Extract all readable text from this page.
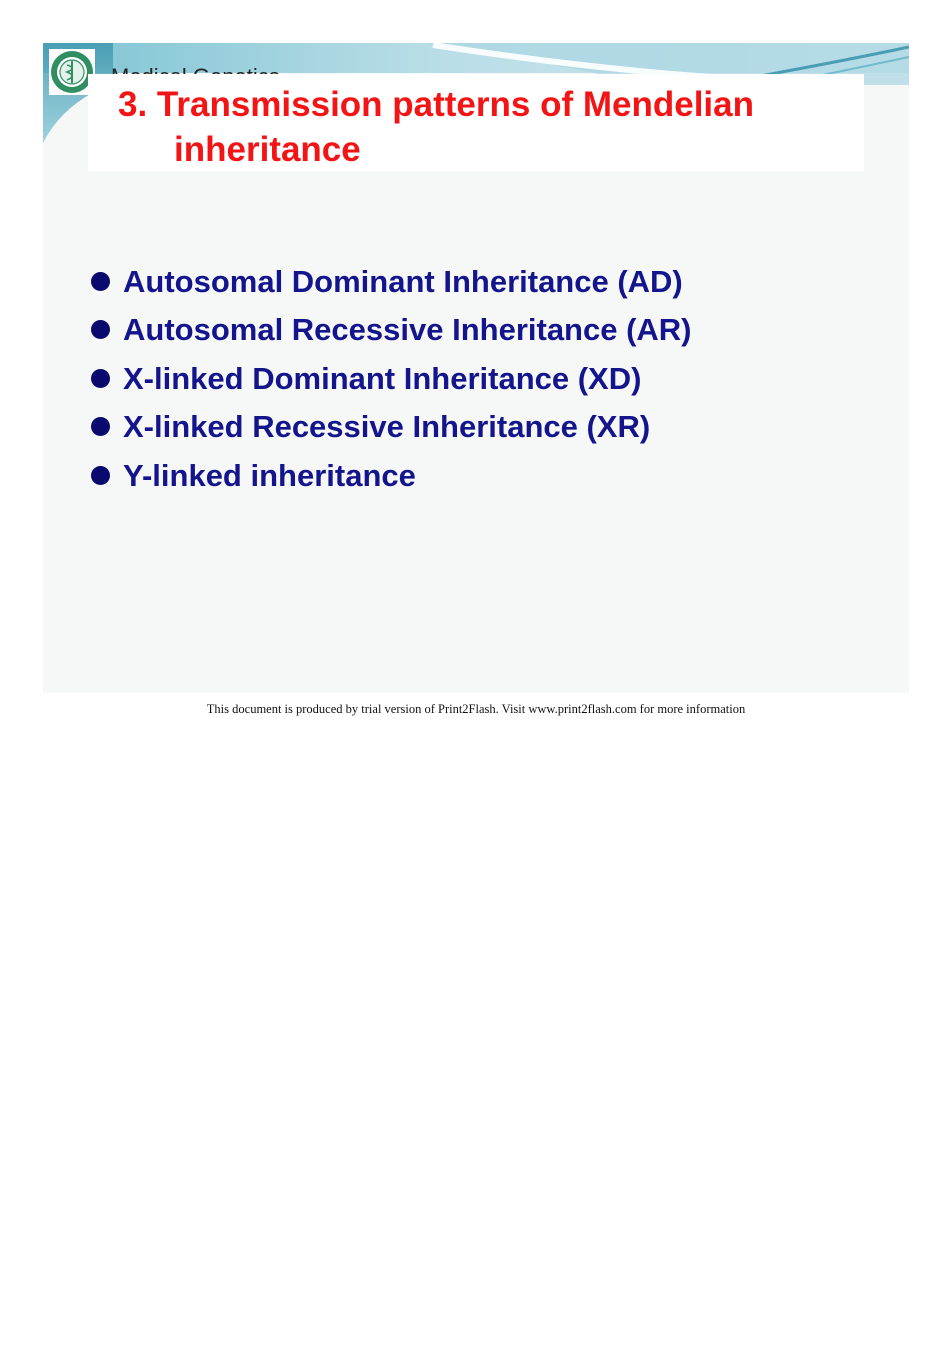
3. Transmission patterns of Mendelian
inheritance
Autosomal Dominant Inheritance (AD)
Autosomal Recessive Inheritance (AR)
X-linked Dominant Inheritance (XD)
X-linked Recessive Inheritance (XR)
Y-linked inheritance
This document is produced by trial version of Print2Flash. Visit www.print2flash.com for more information
